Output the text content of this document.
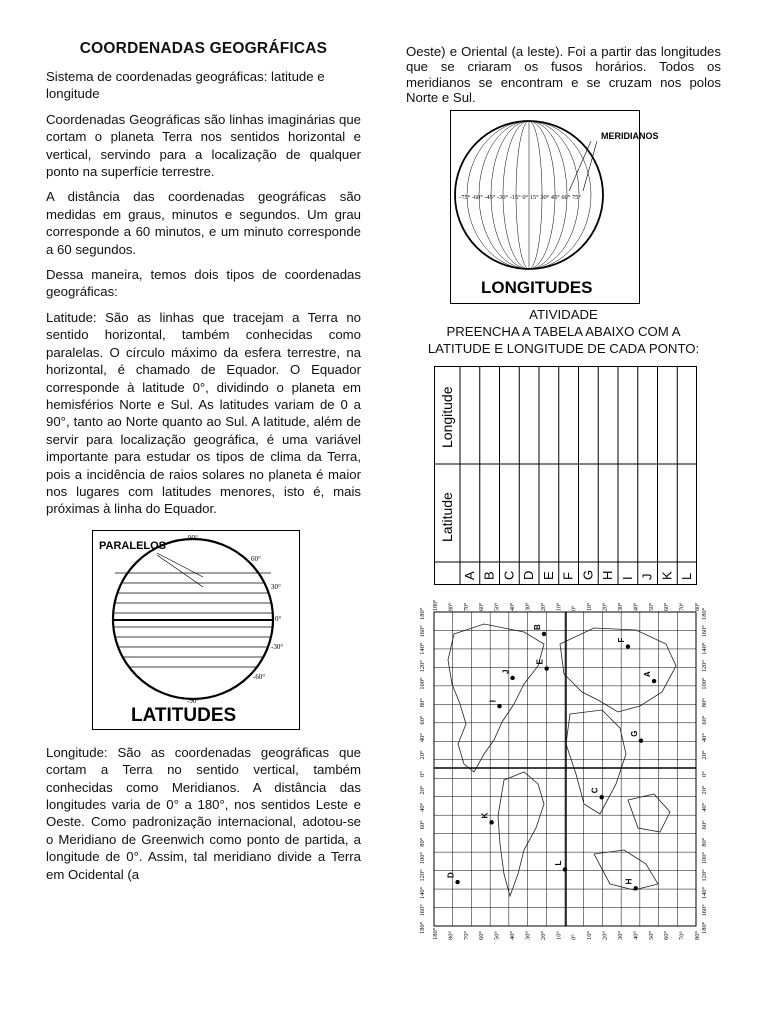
COORDENADAS GEOGRÁFICAS

Sistema de coordenadas geográficas: latitude e longitude

Coordenadas Geográficas são linhas imaginárias que cortam o planeta Terra nos sentidos horizontal e vertical, servindo para a localização de qualquer ponto na superfície terrestre.

A distância das coordenadas geográficas são medidas em graus, minutos e segundos. Um grau corresponde a 60 minutos, e um minuto corresponde a 60 segundos.

Dessa maneira, temos dois tipos de coordenadas geográficas:

Latitude: São as linhas que tracejam a Terra no sentido horizontal, também conhecidas como paralelas. O círculo máximo da esfera terrestre, na horizontal, é chamado de Equador. O Equador corresponde à latitude 0°, dividindo o planeta em hemisférios Norte e Sul. As latitudes variam de 0 a 90°, tanto ao Norte quanto ao Sul. A latitude, além de servir para localização geográfica, é uma variável importante para estudar os tipos de clima da Terra, pois a incidência de raios solares no planeta é maior nos lugares com latitudes menores, isto é, mais próximas à linha do Equador.

PARALELOS
90°
60°
30°
0°
-30°
-60°
-90°
LATITUDES

Longitude: São as coordenadas geográficas que cortam a Terra no sentido vertical, também conhecidas como Meridianos. A distância das longitudes varia de 0° a 180°, nos sentidos Leste e Oeste. Como padronização internacional, adotou-se o Meridiano de Greenwich como ponto de partida, a longitude de 0°. Assim, tal meridiano divide a Terra em Ocidental (a

Oeste) e Oriental (a leste). Foi a partir das longitudes que se criaram os fusos horários. Todos os meridianos se encontram e se cruzam nos polos Norte e Sul.

MERIDIANOS
-75° -60° -45° -30° -15° 0° 15° 30° 45° 60° 75°
LONGITUDES

ATIVIDADE

PREENCHA A TABELA ABAIXO COM A LATITUDE E LONGITUDE DE CADA PONTO:

Longitude
Latitude
A B C D E F G H I J K L
180°
160°
140°
120°
100°
80°
60°
40°
20°
0°
20°
40°
60°
80°
100°
120°
140°
160°
180°
180°
160°
140°
120°
100°
80°
60°
40°
20°
0°
20°
40°
60°
80°
100°
120°
140°
160°
180°
180° 80° 70° 60° 50° 40° 30° 20° 10° 0° 10° 20° 30° 40° 50° 60° 70° 80°
180° 80° 70° 60° 50° 40° 30° 20° 10° 0° 10° 20° 30° 40° 50° 60° 70° 80°
A
B
C
D
E
F
G
H
I
J
K
L
